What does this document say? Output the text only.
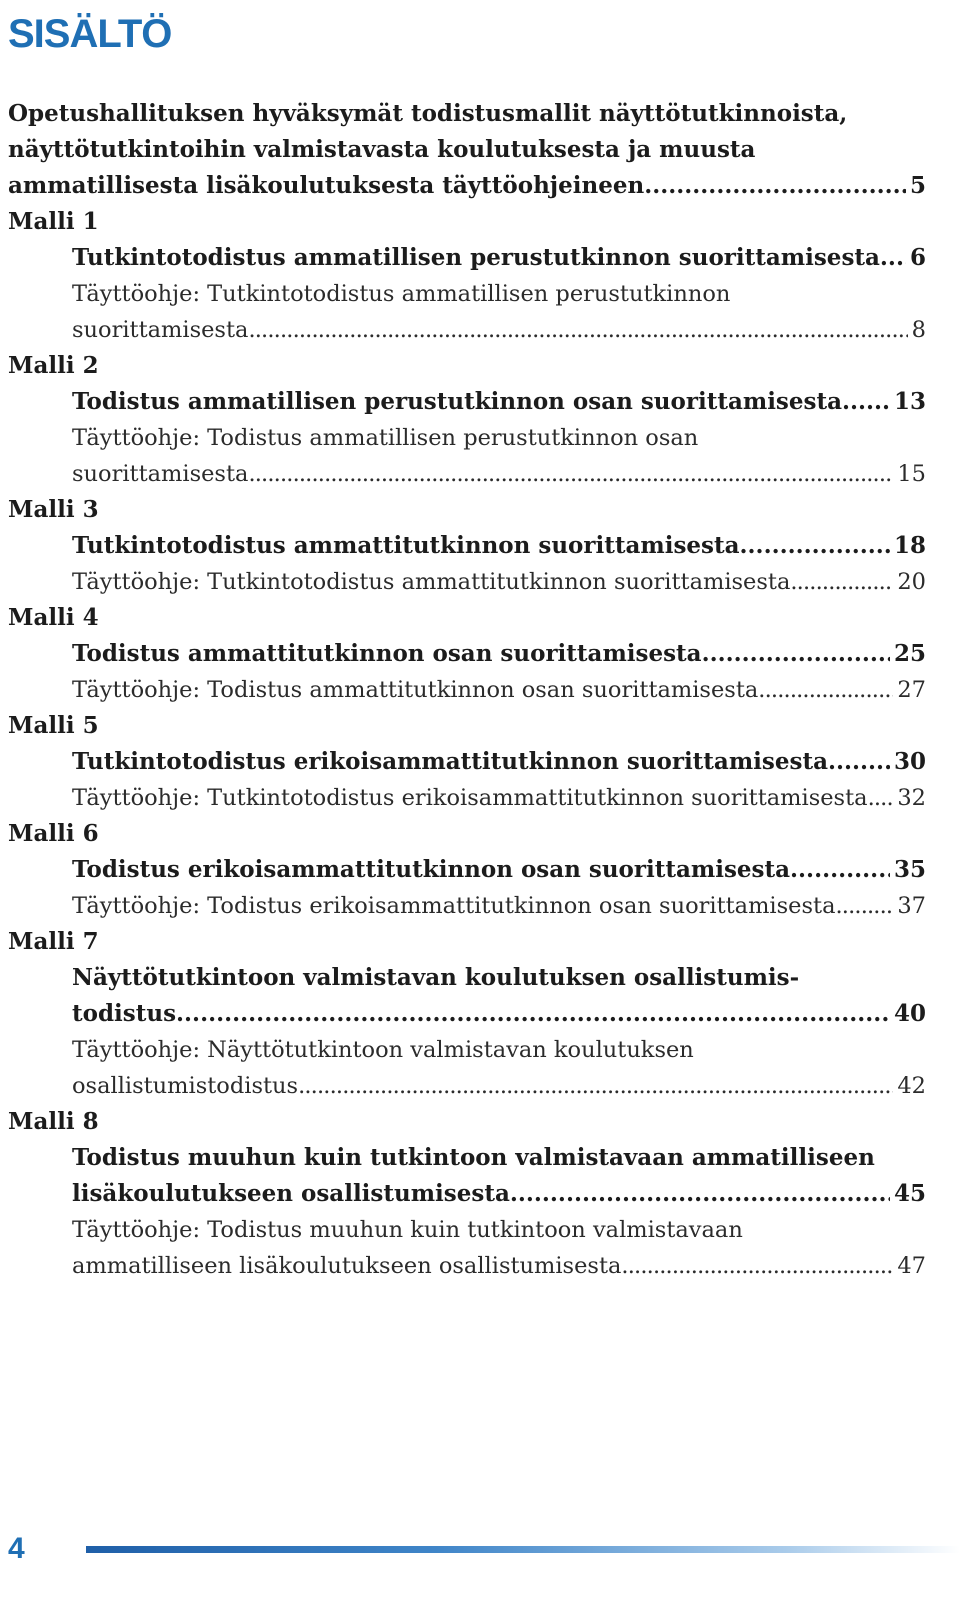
SISÄLTÖ
Opetushallituksen hyväksymät todistusmallit näyttötutkinnoista,
näyttötutkintoihin valmistavasta koulutuksesta ja muusta
ammatillisesta lisäkoulutuksesta täyttöohjeineen. . . .	5
Malli 1
Tutkintotodistus ammatillisen perustutkinnon suorittamisesta . . . 6
Täyttöohje: Tutkintotodistus ammatillisen perustutkinnon
suorittamisesta . . .	8
Malli 2
Todistus ammatillisen perustutkinnon osan suorittamisesta . . . 13
Täyttöohje: Todistus ammatillisen perustutkinnon osan
suorittamisesta . . .	15
Malli 3
Tutkintotodistus ammattitutkinnon suorittamisesta . . .	18
Täyttöohje: Tutkintotodistus ammattitutkinnon suorittamisesta . . .	20
Malli 4
Todistus ammattitutkinnon osan suorittamisesta . . .	25
Täyttöohje: Todistus ammattitutkinnon osan suorittamisesta . . .	27
Malli 5
Tutkintotodistus erikoisammattitutkinnon suorittamisesta . . .	30
Täyttöohje: Tutkintotodistus erikoisammattitutkinnon suorittamisesta . . . 32
Malli 6
Todistus erikoisammattitutkinnon osan suorittamisesta . . .	35
Täyttöohje: Todistus erikoisammattitutkinnon osan suorittamisesta . . .	37
Malli 7
Näyttötutkintoon valmistavan koulutuksen osallistumis-
todistus . . .	40
Täyttöohje: Näyttötutkintoon valmistavan koulutuksen
osallistumistodistus . . .	42
Malli 8
Todistus muuhun kuin tutkintoon valmistavaan ammatilliseen
lisäkoulutukseen osallistumisesta . . .	45
Täyttöohje: Todistus muuhun kuin tutkintoon valmistavaan
ammatilliseen lisäkoulutukseen osallistumisesta . . .	47
4
